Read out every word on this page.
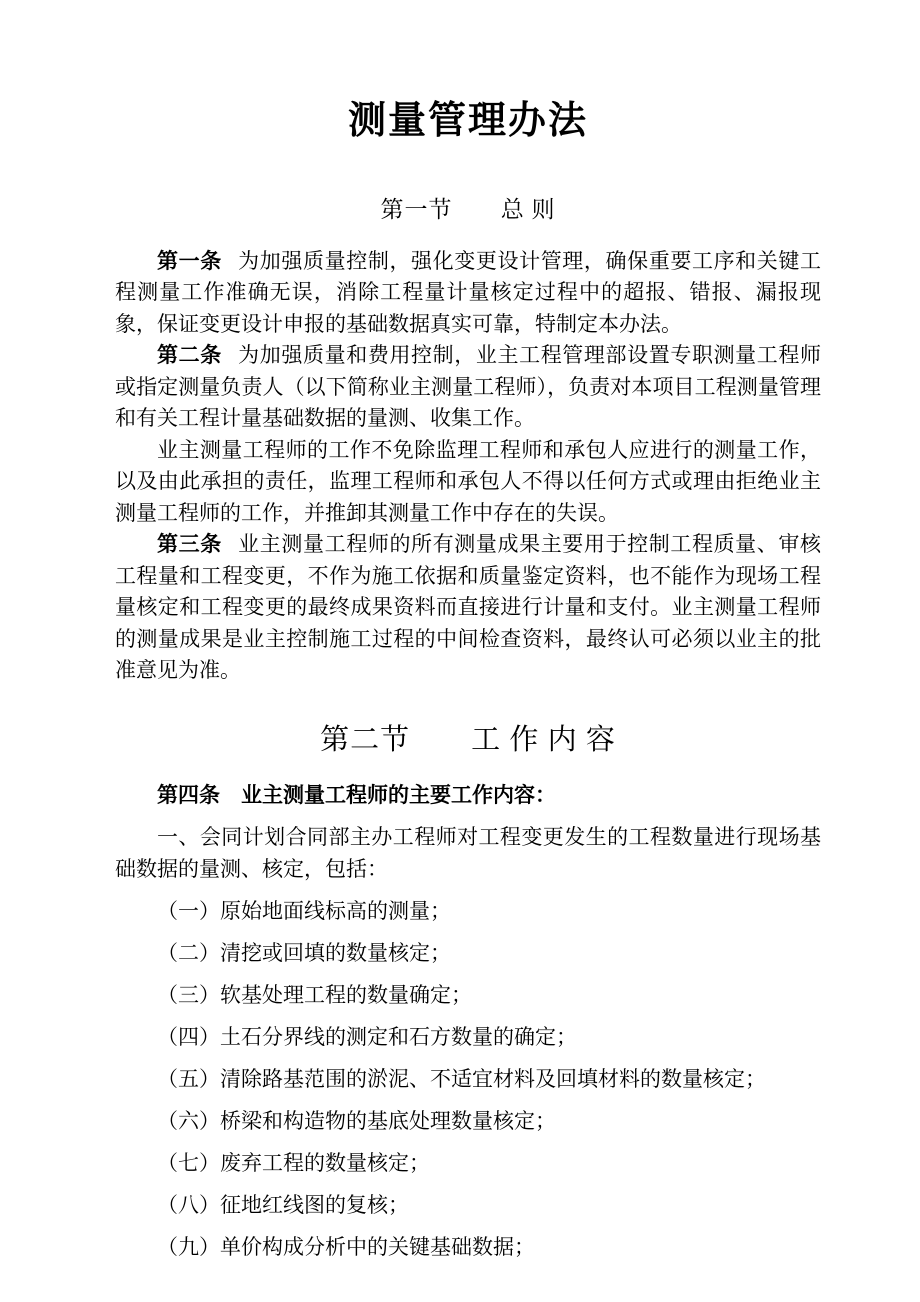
测量管理办法
第一节 总 则

第一条 为加强质量控制，强化变更设计管理，确保重要工序和关键工程测量工作准确无误，消除工程量计量核定过程中的超报、错报、漏报现象，保证变更设计申报的基础数据真实可靠，特制定本办法。

第二条 为加强质量和费用控制，业主工程管理部设置专职测量工程师或指定测量负责人（以下简称业主测量工程师），负责对本项目工程测量管理和有关工程计量基础数据的量测、收集工作。

业主测量工程师的工作不免除监理工程师和承包人应进行的测量工作，以及由此承担的责任，监理工程师和承包人不得以任何方式或理由拒绝业主测量工程师的工作，并推卸其测量工作中存在的失误。

第三条 业主测量工程师的所有测量成果主要用于控制工程质量、审核工程量和工程变更，不作为施工依据和质量鉴定资料，也不能作为现场工程量核定和工程变更的最终成果资料而直接进行计量和支付。业主测量工程师的测量成果是业主控制施工过程的中间检查资料，最终认可必须以业主的批准意见为准。

第二节 工 作 内 容

第四条　业主测量工程师的主要工作内容：

一、会同计划合同部主办工程师对工程变更发生的工程数量进行现场基础数据的量测、核定，包括：

（一）原始地面线标高的测量；

（二）清挖或回填的数量核定；

（三）软基处理工程的数量确定；

（四）土石分界线的测定和石方数量的确定；

（五）清除路基范围的淤泥、不适宜材料及回填材料的数量核定；

（六）桥梁和构造物的基底处理数量核定；

（七）废弃工程的数量核定；

（八）征地红线图的复核；

（九）单价构成分析中的关键基础数据；
